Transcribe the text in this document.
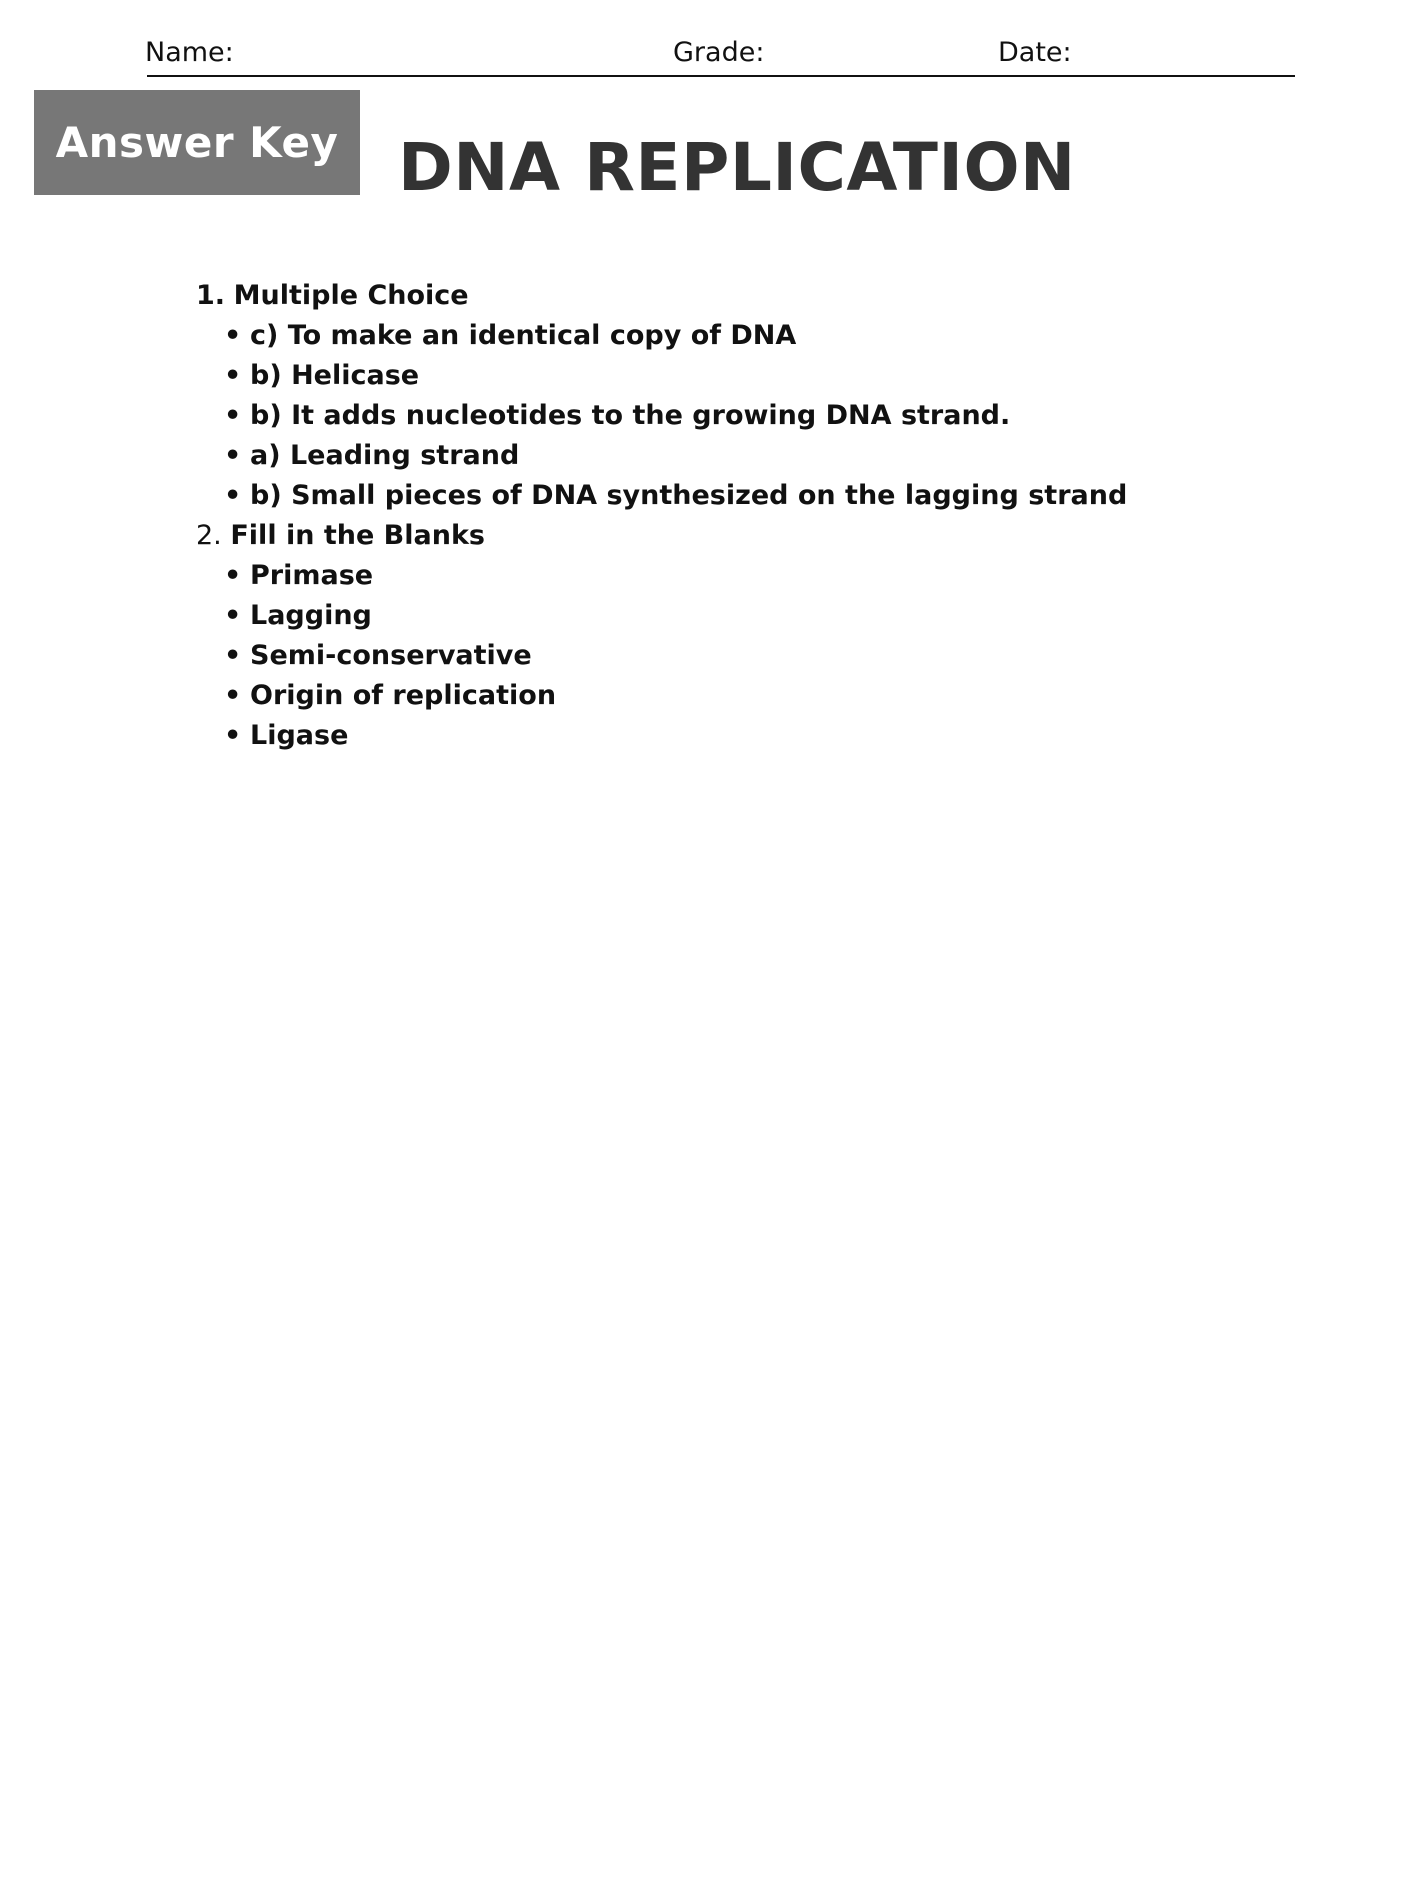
Name:	Grade:	Date:
Answer Key DNA REPLICATION
1. Multiple Choice
• c) To make an identical copy of DNA
• b) Helicase
• b) It adds nucleotides to the growing DNA strand.
• a) Leading strand
• b) Small pieces of DNA synthesized on the lagging strand
2. Fill in the Blanks
• Primase
• Lagging
• Semi-conservative
• Origin of replication
• Ligase
